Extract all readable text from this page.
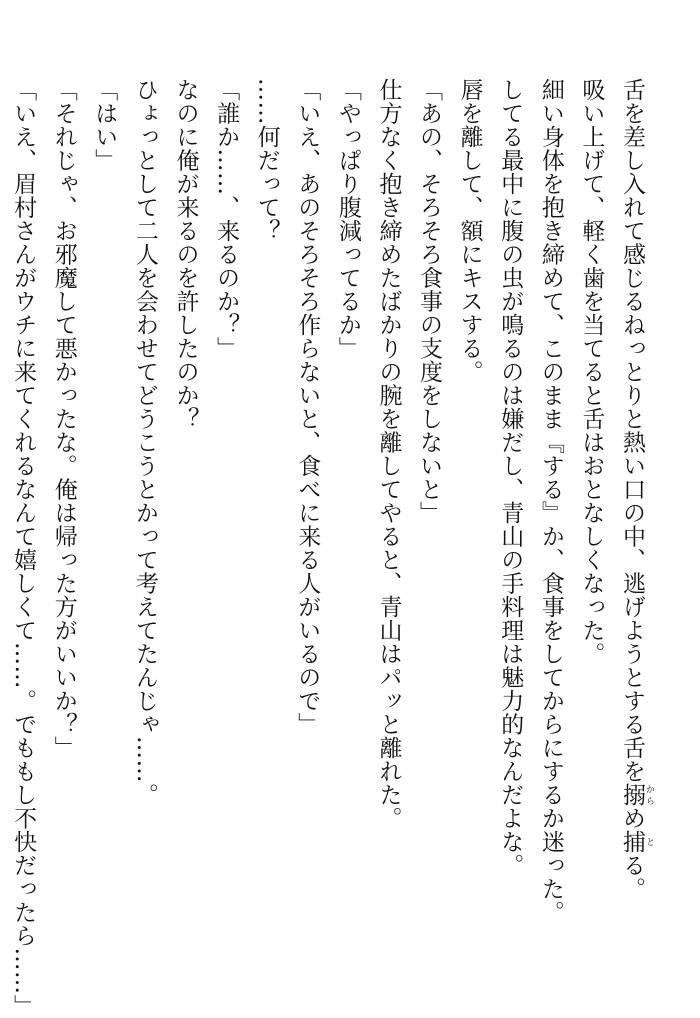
舌を差し入れて感じるねっとりと熱い口の中、逃げようとする舌を搦 からめ捕 とる。
吸い上げて、軽く歯を当てると舌はおとなしくなった。
細い身体を抱き締めて、このまま『する』か、食事をしてからにするか迷った。
してる最中に腹の虫が鳴るのは嫌だし、青山の手料理は魅力的なんだよな。
唇を離して、額にキスする。
「あの、そろそろ食事の支度をしないと」
仕方なく抱き締めたばかりの腕を離してやると、青山はパッと離れた。
「やっぱり腹減ってるか」
「いえ、あのそろそろ作らないと、食べに来る人がいるので」
……何だって？
「誰か……、来るのか？」
なのに俺が来るのを許したのか？
ひょっとして二人を会わせてどうこうとかって考えてたんじゃ……。
「はい」
「それじゃ、お邪魔して悪かったな。俺は帰った方がいいか？」
「いえ、眉村さんがウチに来てくれるなんて嬉しくて……。でももし不快だったら……」
